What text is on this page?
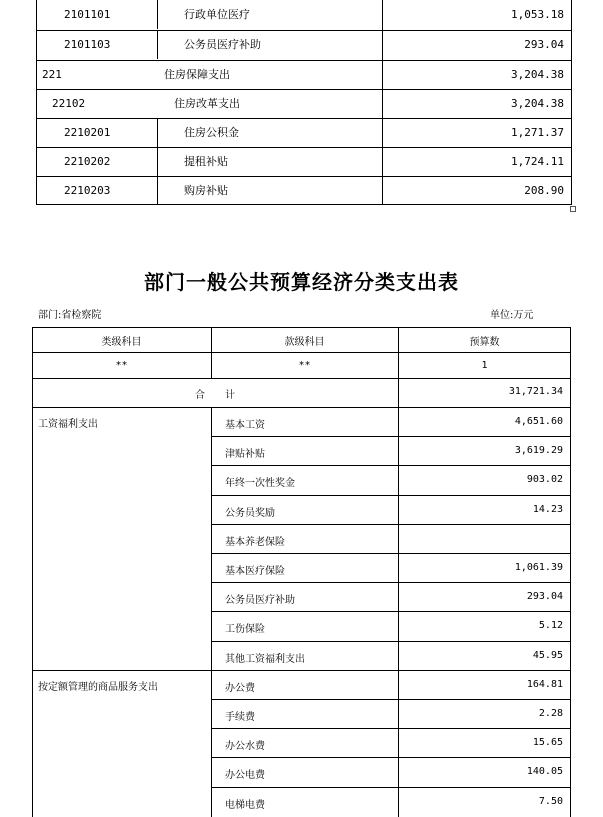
2101101	行政单位医疗	1,053.18
2101103	公务员医疗补助	293.04
221	住房保障支出	3,204.38
22102	住房改革支出	3,204.38
2210201	住房公积金	1,271.37
2210202	提租补贴	1,724.11
2210203	购房补贴	208.90
部门一般公共预算经济分类支出表
部门:省检察院	单位:万元
类级科目	款级科目	预算数
**	**	1
合　　计	31,721.34
工资福利支出	基本工资	4,651.60
津贴补贴	3,619.29
年终一次性奖金	903.02
公务员奖励	14.23
基本养老保险
基本医疗保险	1,061.39
公务员医疗补助	293.04
工伤保险	5.12
其他工资福利支出	45.95
按定额管理的商品服务支出	办公费	164.81
手续费	2.28
办公水费	15.65
办公电费	140.05
电梯电费	7.50
